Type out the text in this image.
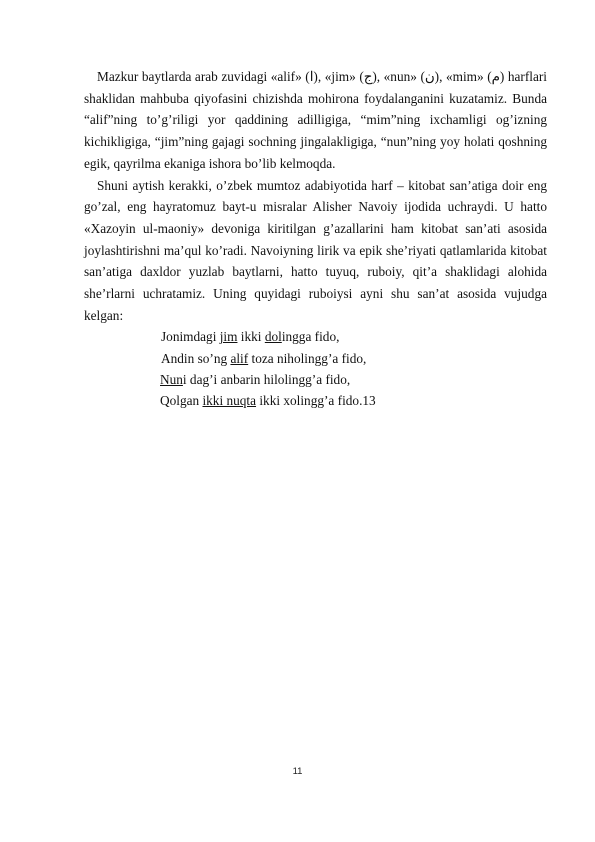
Mazkur baytlarda arab zuvidagi «alif» (ا), «jim» (ج), «nun» (ن), «mim» (م) harflari shaklidan mahbuba qiyofasini chizishda mohirona foydalanganini kuzatamiz. Bunda “alif”ning to’g’riligi yor qaddining adilligiga, “mim”ning ixchamligi og’izning kichikligiga, “jim”ning gajagi sochning jingalakligiga, “nun”ning yoy holati qoshning egik, qayrilma ekaniga ishora bo’lib kelmoqda.

Shuni aytish kerakki, o’zbek mumtoz adabiyotida harf – kitobat san’atiga doir eng go’zal, eng hayratomuz bayt-u misralar Alisher Navoiy ijodida uchraydi. U hatto «Xazoyin ul-maoniy» devoniga kiritilgan g’azallarini ham kitobat san’ati asosida joylashtirishni ma’qul ko’radi. Navoiyning lirik va epik she’riyati qatlamlarida kitobat san’atiga daxldor yuzlab baytlarni, hatto tuyuq, ruboiy, qit’a shaklidagi alohida she’rlarni uchratamiz. Uning quyidagi ruboiysi ayni shu san’at asosida vujudga kelgan:

Jonimdagi jim ikki dolingga fido,
Andin so’ng alif toza niholingg’a fido,
Nuni dag’i anbarin hilolingg’a fido,
Qolgan ikki nuqta ikki xolingg’a fido.13
11
